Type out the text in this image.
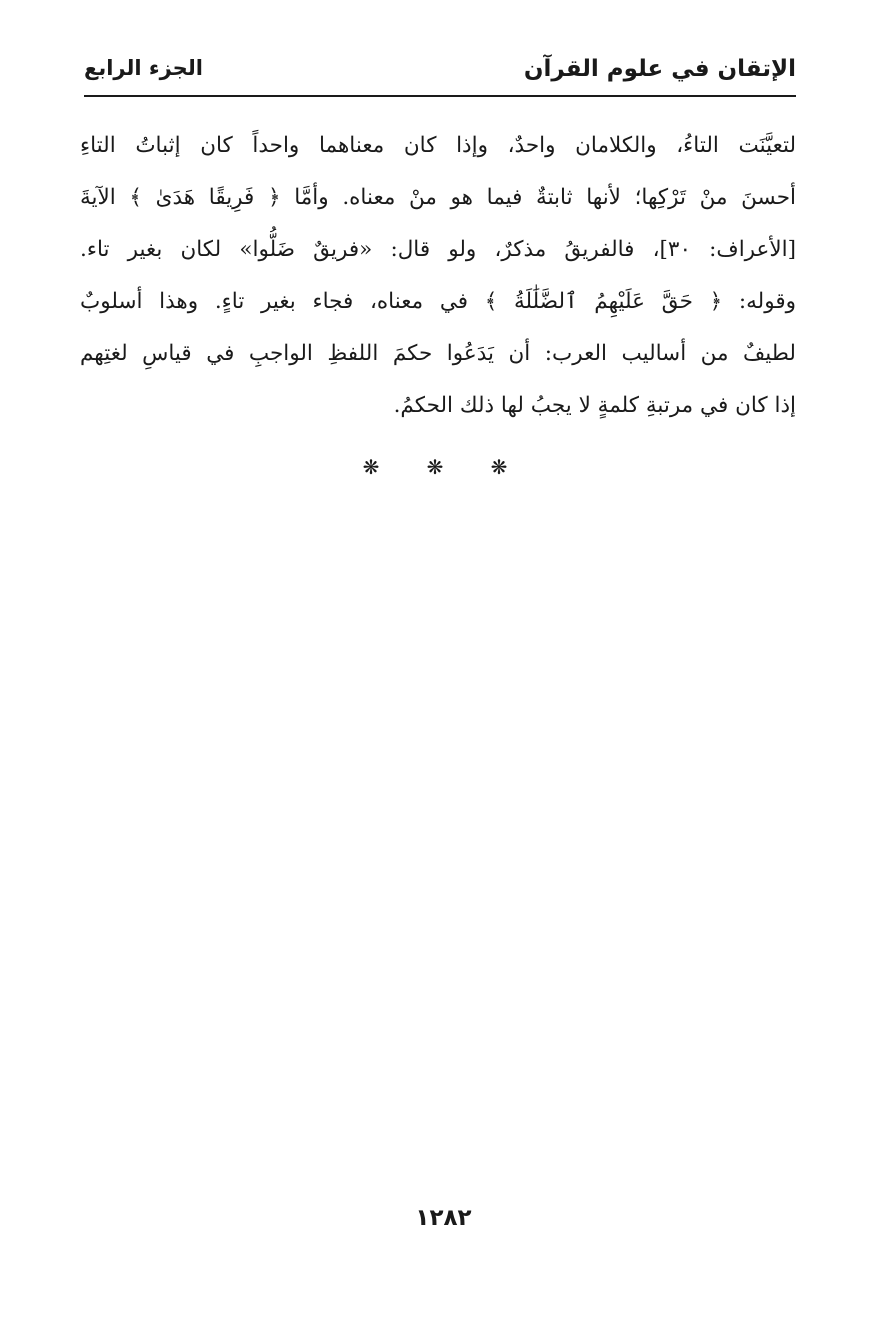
الإتقان في علوم القرآن
الجزء الرابع
لتعيَّنَت التاءُ، والكلامان واحدٌ، وإذا كان معناهما واحداً كان إثباتُ التاءِ
أحسنَ منْ تَرْكِها؛ لأنها ثابتةٌ فيما هو منْ معناه. وأمَّا ﴿ فَرِيقًا هَدَىٰ ﴾ الآيةَ
[الأعراف: ٣٠]، فالفريقُ مذكرٌ، ولو قال: «فريقٌ ضَلُّوا» لكان بغير تاء.
وقوله: ﴿ حَقَّ عَلَيْهِمُ ٱلضَّلَٰلَةُ ﴾ في معناه، فجاء بغير تاءٍ. وهذا أسلوبٌ
لطيفٌ من أساليب العرب: أن يَدَعُوا حكمَ اللفظِ الواجبِ في قياسِ لغتِهم
إذا كان في مرتبةِ كلمةٍ لا يجبُ لها ذلك الحكمُ.
❋ ❋ ❋
١٢٨٢
